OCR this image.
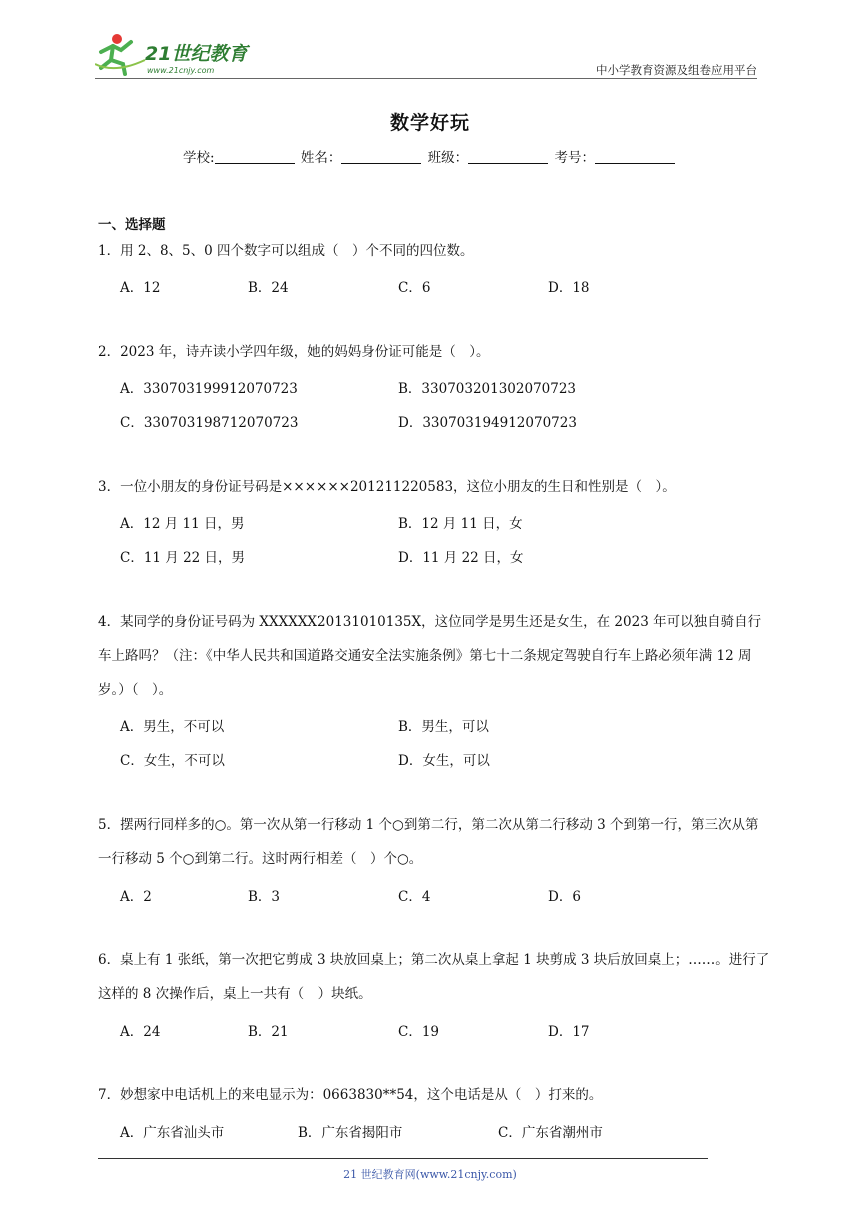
21世纪教育
www.21cnjy.com	中小学教育资源及组卷应用平台
数学好玩
学校:	姓名：	班级：	考号：
一、选择题
1．用 2、8、5、0 四个数字可以组成（　）个不同的四位数。
A．12	B．24	C．6	D．18
2．2023 年，诗卉读小学四年级，她的妈妈身份证可能是（　）。
A．330703199912070723	B．330703201302070723
C．330703198712070723	D．330703194912070723
3．一位小朋友的身份证号码是××××××201211220583，这位小朋友的生日和性别是（　）。
A．12 月 11 日，男	B．12 月 11 日，女
C．11 月 22 日，男	D．11 月 22 日，女
4．某同学的身份证号码为 XXXXXX20131010135X，这位同学是男生还是女生，在 2023 年可以独自骑自行车上路吗？（注：《中华人民共和国道路交通安全法实施条例》第七十二条规定驾驶自行车上路必须年满 12 周岁。）（　）。
A．男生，不可以	B．男生，可以
C．女生，不可以	D．女生，可以
5．摆两行同样多的○。第一次从第一行移动 1 个○到第二行，第二次从第二行移动 3 个到第一行，第三次从第一行移动 5 个○到第二行。这时两行相差（　）个○。
A．2	B．3	C．4	D．6
6．桌上有 1 张纸，第一次把它剪成 3 块放回桌上；第二次从桌上拿起 1 块剪成 3 块后放回桌上；……。进行了这样的 8 次操作后，桌上一共有（　）块纸。
A．24	B．21	C．19	D．17
7．妙想家中电话机上的来电显示为：0663830**54，这个电话是从（　）打来的。
A．广东省汕头市	B．广东省揭阳市	C．广东省潮州市
21 世纪教育网(www.21cnjy.com)
